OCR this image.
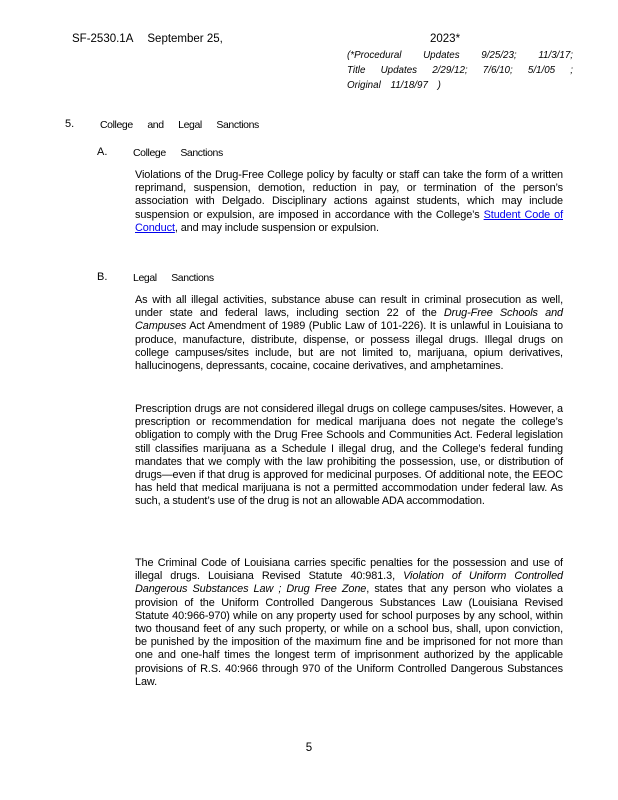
SF-2530.1A September 25,	2023*
(*Procedural Updates 9/25/23; 11/3/17;
Title Updates 2/29/12; 7/6/10; 5/1/05 ;
Original 11/18/97 )
5. College and Legal Sanctions
A. College Sanctions
Violations of the Drug-Free College policy by faculty or staff can take the form of a written reprimand, suspension, demotion, reduction in pay, or termination of the person’s association with Delgado. Disciplinary actions against students, which may include suspension or expulsion, are imposed in accordance with the College’s Student Code of Conduct, and may include suspension or expulsion.
B. Legal Sanctions
As with all illegal activities, substance abuse can result in criminal prosecution as well, under state and federal laws, including section 22 of the Drug-Free Schools and Campuses Act Amendment of 1989 (Public Law of 101-226). It is unlawful in Louisiana to produce, manufacture, distribute, dispense, or possess illegal drugs. Illegal drugs on college campuses/sites include, but are not limited to, marijuana, opium derivatives, hallucinogens, depressants, cocaine, cocaine derivatives, and amphetamines.
Prescription drugs are not considered illegal drugs on college campuses/sites. However, a prescription or recommendation for medical marijuana does not negate the college’s obligation to comply with the Drug Free Schools and Communities Act. Federal legislation still classifies marijuana as a Schedule I illegal drug, and the College’s federal funding mandates that we comply with the law prohibiting the possession, use, or distribution of drugs—even if that drug is approved for medicinal purposes. Of additional note, the EEOC has held that medical marijuana is not a permitted accommodation under federal law. As such, a student’s use of the drug is not an allowable ADA accommodation.
The Criminal Code of Louisiana carries specific penalties for the possession and use of illegal drugs. Louisiana Revised Statute 40:981.3, Violation of Uniform Controlled Dangerous Substances Law ; Drug Free Zone, states that any person who violates a provision of the Uniform Controlled Dangerous Substances Law (Louisiana Revised Statute 40:966-970) while on any property used for school purposes by any school, within two thousand feet of any such property, or while on a school bus, shall, upon conviction, be punished by the imposition of the maximum fine and be imprisoned for not more than one and one-half times the longest term of imprisonment authorized by the applicable provisions of R.S. 40:966 through 970 of the Uniform Controlled Dangerous Substances Law.
5
